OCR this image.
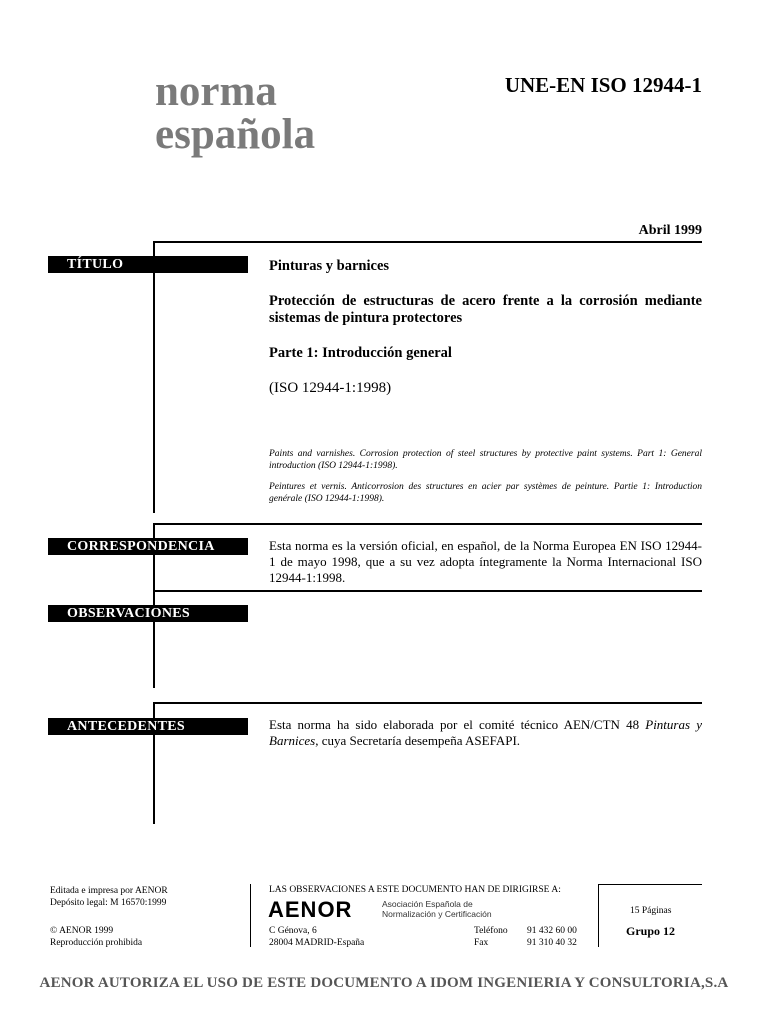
norma
española
UNE-EN ISO 12944-1
Abril 1999
TÍTULO	Pinturas y barnices
Protección de estructuras de acero frente a la corrosión mediante sistemas de pintura protectores
Parte 1: Introducción general
(ISO 12944-1:1998)
Paints and varnishes. Corrosion protection of steel structures by protective paint systems. Part 1: General introduction (ISO 12944-1:1998).
Peintures et vernis. Anticorrosion des structures en acier par systèmes de peinture. Partie 1: Introduction genérale (ISO 12944-1:1998).
CORRESPONDENCIA	Esta norma es la versión oficial, en español, de la Norma Europea EN ISO 12944-1 de mayo 1998, que a su vez adopta íntegramente la Norma Internacional ISO 12944-1:1998.
OBSERVACIONES
ANTECEDENTES	Esta norma ha sido elaborada por el comité técnico AEN/CTN 48 Pinturas y Barnices, cuya Secretaría desempeña ASEFAPI.
Editada e impresa por AENOR
Depósito legal: M 16570:1999
© AENOR 1999
Reproducción prohibida
LAS OBSERVACIONES A ESTE DOCUMENTO HAN DE DIRIGIRSE A:
AENOR	Asociación Española de
Normalización y Certificación
C Génova, 6
28004 MADRID-España
Teléfono 91 432 60 00
Fax	91 310 40 32
15 Páginas
Grupo 12
AENOR AUTORIZA EL USO DE ESTE DOCUMENTO A IDOM INGENIERIA Y CONSULTORIA,S.A
